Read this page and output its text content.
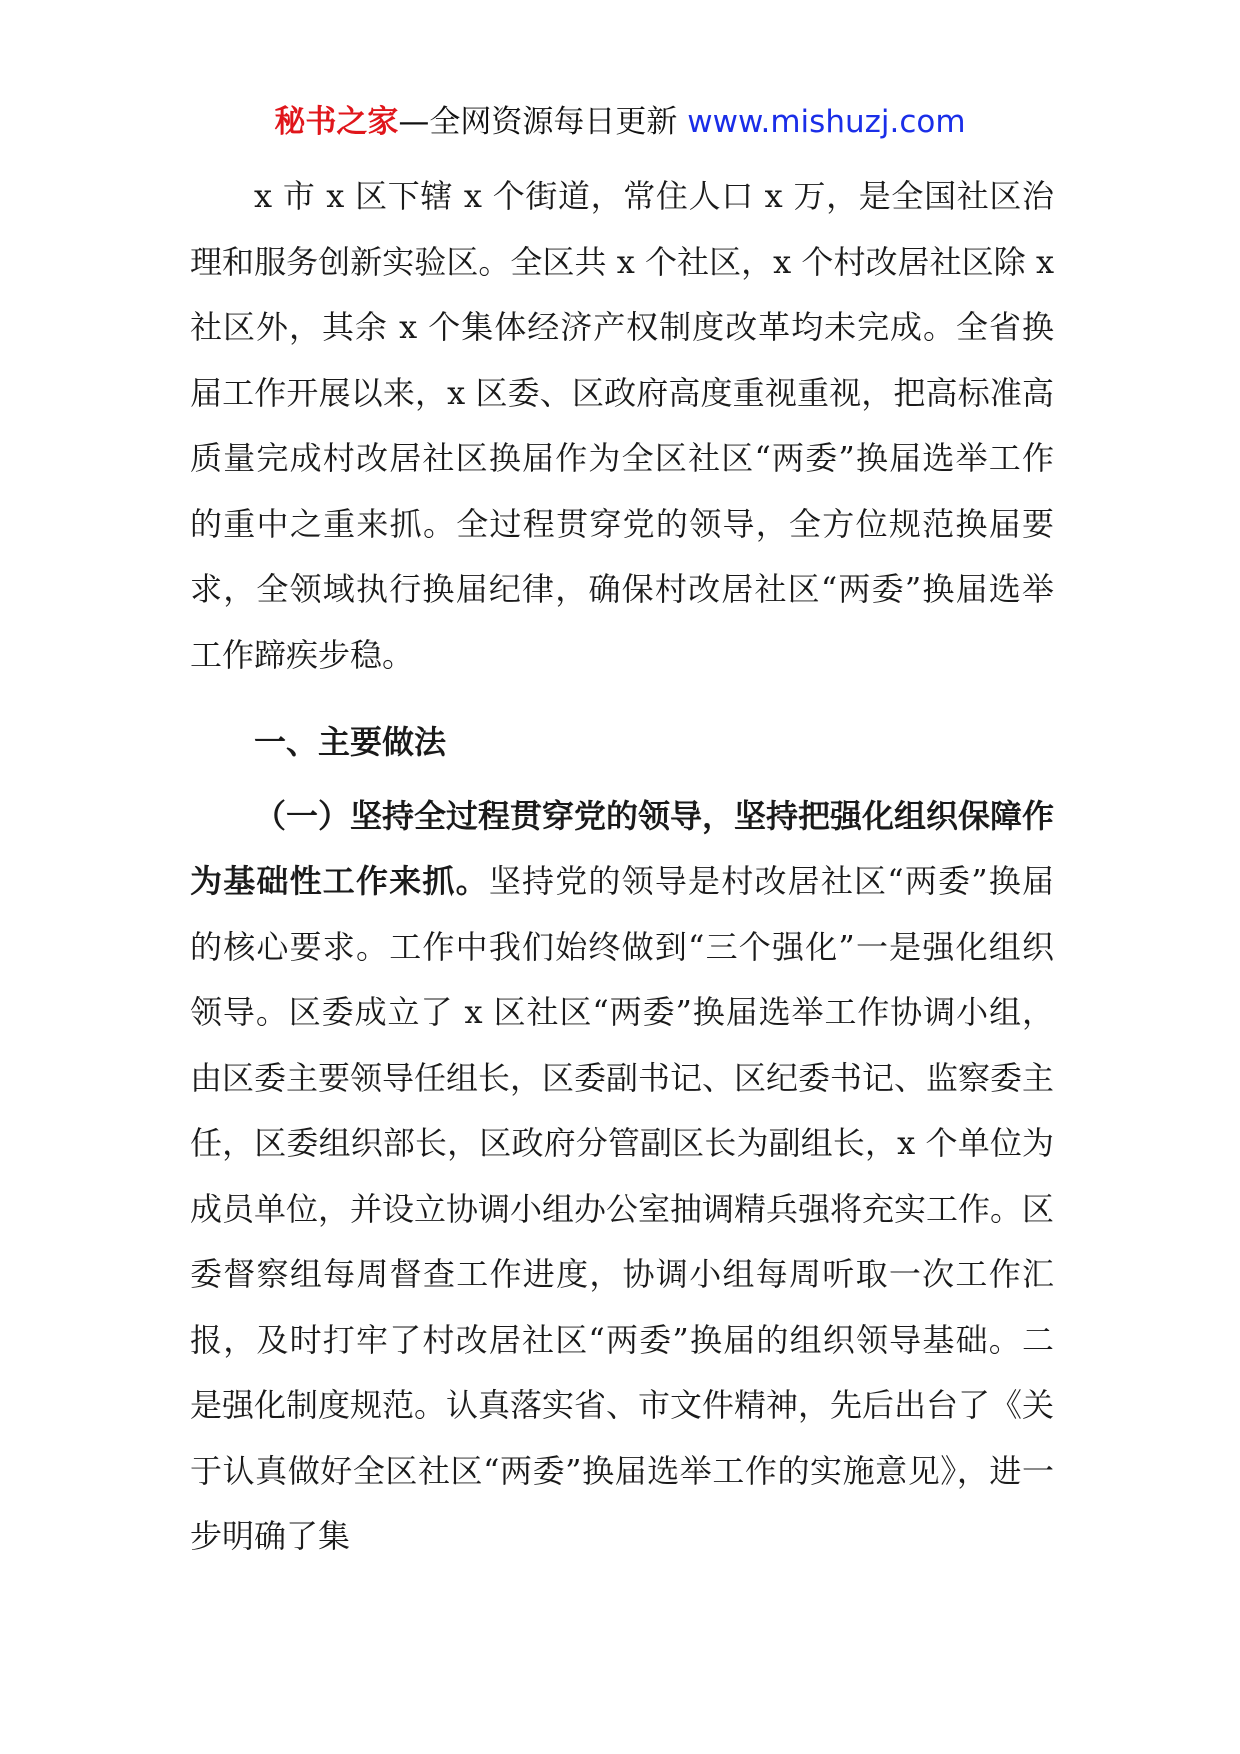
秘书之家—全网资源每日更新 www.mishuzj.com

x 市 x 区下辖 x 个街道，常住人口 x 万，是全国社区治理和服务创新实验区。全区共 x 个社区，x 个村改居社区除 x 社区外，其余 x 个集体经济产权制度改革均未完成。全省换届工作开展以来，x 区委、区政府高度重视重视，把高标准高质量完成村改居社区换届作为全区社区“两委”换届选举工作的重中之重来抓。全过程贯穿党的领导，全方位规范换届要求，全领域执行换届纪律，确保村改居社区“两委”换届选举工作蹄疾步稳。

一、主要做法

（一）坚持全过程贯穿党的领导，坚持把强化组织保障作为基础性工作来抓。坚持党的领导是村改居社区“两委”换届的核心要求。工作中我们始终做到“三个强化”一是强化组织领导。区委成立了 x 区社区“两委”换届选举工作协调小组，由区委主要领导任组长，区委副书记、区纪委书记、监察委主任，区委组织部长，区政府分管副区长为副组长，x 个单位为成员单位，并设立协调小组办公室抽调精兵强将充实工作。区委督察组每周督查工作进度，协调小组每周听取一次工作汇报，及时打牢了村改居社区“两委”换届的组织领导基础。二是强化制度规范。认真落实省、市文件精神，先后出台了《关于认真做好全区社区“两委”换届选举工作的实施意见》，进一步明确了集
